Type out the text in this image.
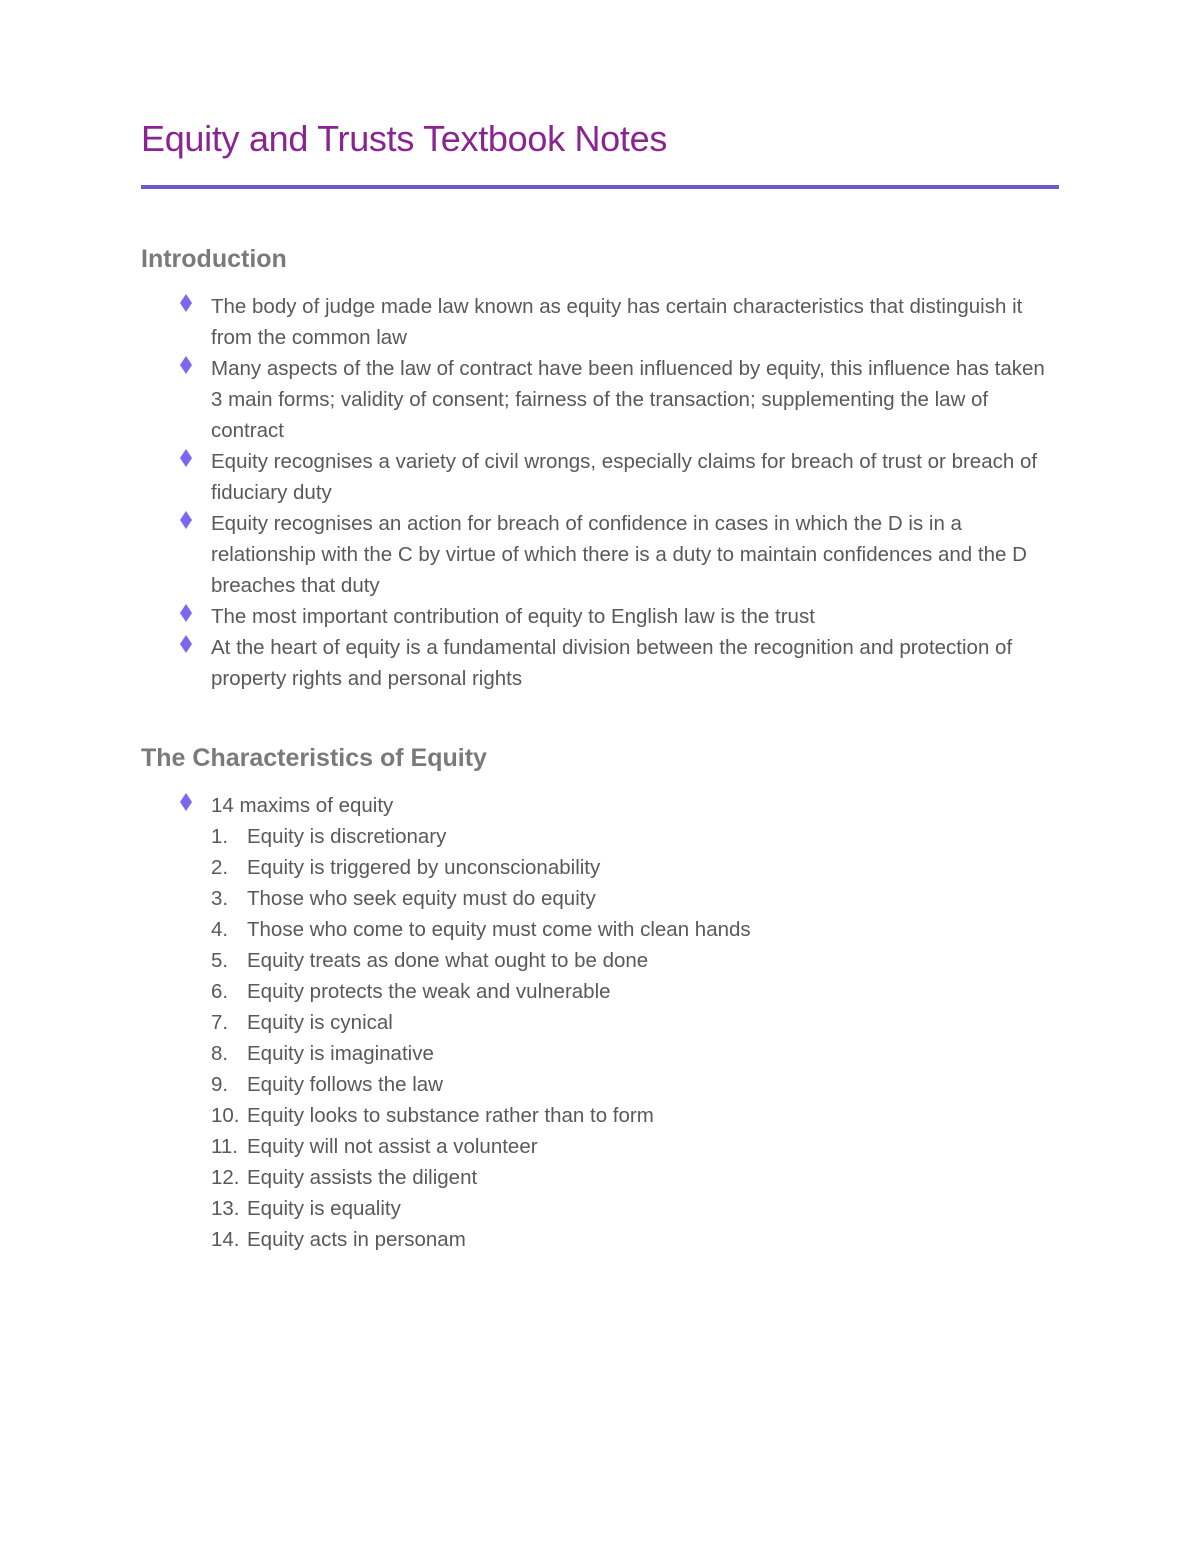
Equity and Trusts Textbook Notes
Introduction
The body of judge made law known as equity has certain characteristics that distinguish it from the common law
Many aspects of the law of contract have been influenced by equity, this influence has taken 3 main forms; validity of consent; fairness of the transaction; supplementing the law of contract
Equity recognises a variety of civil wrongs, especially claims for breach of trust or breach of fiduciary duty
Equity recognises an action for breach of confidence in cases in which the D is in a relationship with the C by virtue of which there is a duty to maintain confidences and the D breaches that duty
The most important contribution of equity to English law is the trust
At the heart of equity is a fundamental division between the recognition and protection of property rights and personal rights
The Characteristics of Equity
14 maxims of equity
1. Equity is discretionary
2. Equity is triggered by unconscionability
3. Those who seek equity must do equity
4. Those who come to equity must come with clean hands
5. Equity treats as done what ought to be done
6. Equity protects the weak and vulnerable
7. Equity is cynical
8. Equity is imaginative
9. Equity follows the law
10. Equity looks to substance rather than to form
11. Equity will not assist a volunteer
12. Equity assists the diligent
13. Equity is equality
14. Equity acts in personam
